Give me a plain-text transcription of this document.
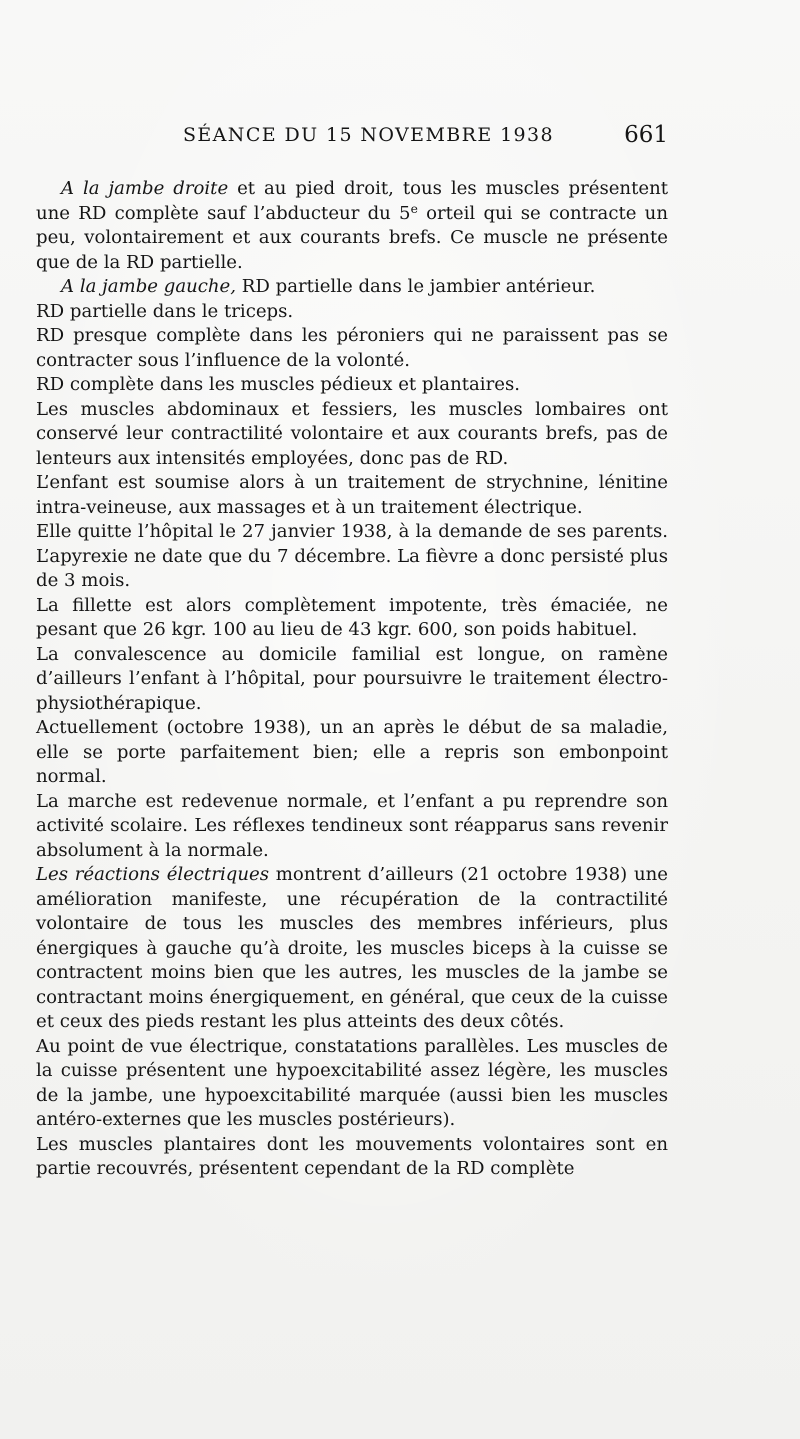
SÉANCE DU 15 NOVEMBRE 1938	661

A la jambe droite et au pied droit, tous les muscles présentent une RD complète sauf l’abducteur du 5e orteil qui se contracte un peu, volontairement et aux courants brefs. Ce muscle ne présente que de la RD partielle.

A la jambe gauche, RD partielle dans le jambier antérieur.

RD partielle dans le triceps.

RD presque complète dans les péroniers qui ne paraissent pas se contracter sous l’influence de la volonté.

RD complète dans les muscles pédieux et plantaires.

Les muscles abdominaux et fessiers, les muscles lombaires ont conservé leur contractilité volontaire et aux courants brefs, pas de lenteurs aux intensités employées, donc pas de RD.

L’enfant est soumise alors à un traitement de strychnine, lénitine intra-veineuse, aux massages et à un traitement électrique.

Elle quitte l’hôpital le 27 janvier 1938, à la demande de ses parents. L’apyrexie ne date que du 7 décembre. La fièvre a donc persisté plus de 3 mois.

La fillette est alors complètement impotente, très émaciée, ne pesant que 26 kgr. 100 au lieu de 43 kgr. 600, son poids habituel.

La convalescence au domicile familial est longue, on ramène d’ailleurs l’enfant à l’hôpital, pour poursuivre le traitement électro-physiothérapique.

Actuellement (octobre 1938), un an après le début de sa maladie, elle se porte parfaitement bien; elle a repris son embonpoint normal.

La marche est redevenue normale, et l’enfant a pu reprendre son activité scolaire. Les réflexes tendineux sont réapparus sans revenir absolument à la normale.

Les réactions électriques montrent d’ailleurs (21 octobre 1938) une amélioration manifeste, une récupération de la contractilité volontaire de tous les muscles des membres inférieurs, plus énergiques à gauche qu’à droite, les muscles biceps à la cuisse se contractent moins bien que les autres, les muscles de la jambe se contractant moins énergiquement, en général, que ceux de la cuisse et ceux des pieds restant les plus atteints des deux côtés.

Au point de vue électrique, constatations parallèles. Les muscles de la cuisse présentent une hypoexcitabilité assez légère, les muscles de la jambe, une hypoexcitabilité marquée (aussi bien les muscles antéro-externes que les muscles postérieurs).

Les muscles plantaires dont les mouvements volontaires sont en partie recouvrés, présentent cependant de la RD complète
